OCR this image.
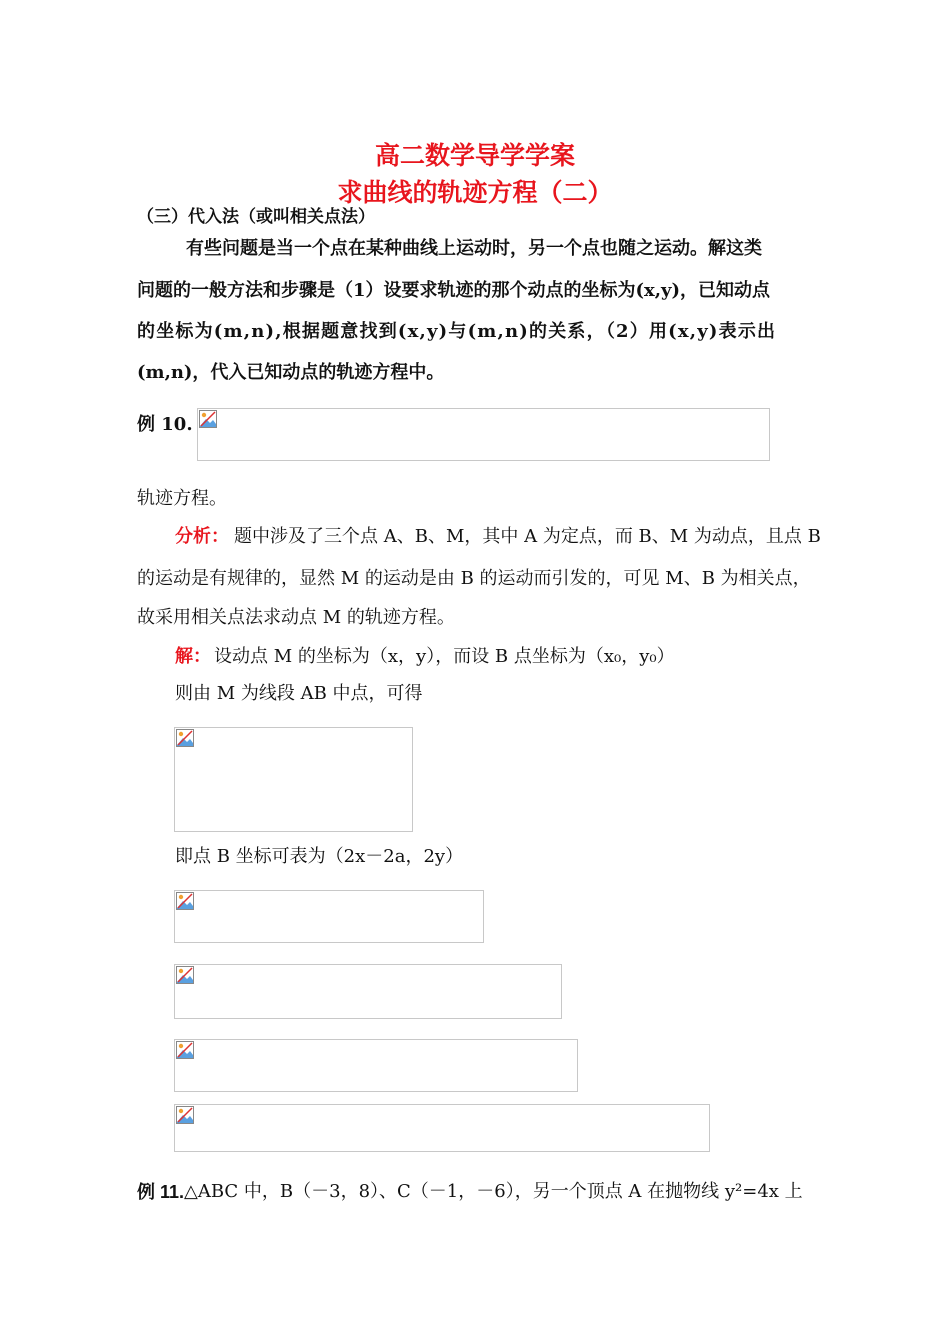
高二数学导学学案
求曲线的轨迹方程（二）
（三）代入法（或叫相关点法）
有些问题是当一个点在某种曲线上运动时，另一个点也随之运动。解这类
问题的一般方法和步骤是（1）设要求轨迹的那个动点的坐标为(x,y)，已知动点
的坐标为(m,n),根据题意找到(x,y)与(m,n)的关系，（2）用(x,y)表示出
(m,n)，代入已知动点的轨迹方程中。
例 10.
轨迹方程。
分析： 题中涉及了三个点 A、B、M，其中 A 为定点，而 B、M 为动点，且点 B
的运动是有规律的，显然 M 的运动是由 B 的运动而引发的，可见 M、B 为相关点，
故采用相关点法求动点 M 的轨迹方程。
解： 设动点 M 的坐标为（x，y），而设 B 点坐标为（x₀，y₀）
则由 M 为线段 AB 中点，可得
即点 B 坐标可表为（2x－2a，2y）
例 11. △ABC 中，B（－3，8）、C（－1，－6），另一个顶点 A 在抛物线 y²=4x 上
